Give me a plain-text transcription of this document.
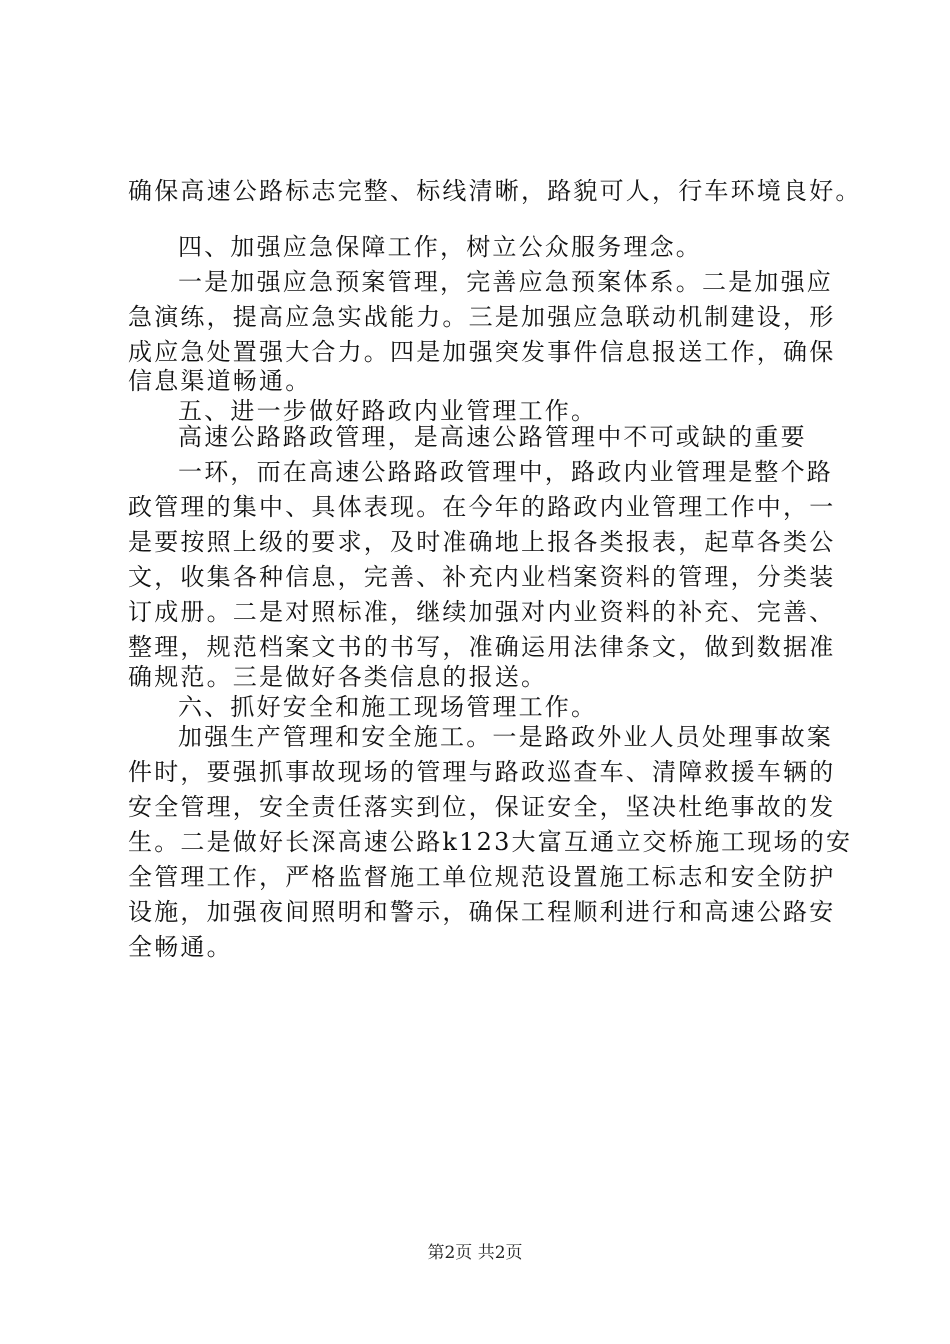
确保高速公路标志完整、标线清晰，路貌可人，行车环境良好。
四、加强应急保障工作，树立公众服务理念。
一是加强应急预案管理，完善应急预案体系。二是加强应
急演练，提高应急实战能力。三是加强应急联动机制建设，形
成应急处置强大合力。四是加强突发事件信息报送工作，确保
信息渠道畅通。
五、进一步做好路政内业管理工作。
高速公路路政管理，是高速公路管理中不可或缺的重要
一环，而在高速公路路政管理中，路政内业管理是整个路
政管理的集中、具体表现。在今年的路政内业管理工作中，一
是要按照上级的要求，及时准确地上报各类报表，起草各类公
文，收集各种信息，完善、补充内业档案资料的管理，分类装
订成册。二是对照标准，继续加强对内业资料的补充、完善、
整理，规范档案文书的书写，准确运用法律条文，做到数据准
确规范。三是做好各类信息的报送。
六、抓好安全和施工现场管理工作。
加强生产管理和安全施工。一是路政外业人员处理事故案
件时，要强抓事故现场的管理与路政巡查车、清障救援车辆的
安全管理，安全责任落实到位，保证安全，坚决杜绝事故的发
生。二是做好长深高速公路k123大富互通立交桥施工现场的安
全管理工作，严格监督施工单位规范设置施工标志和安全防护
设施，加强夜间照明和警示，确保工程顺利进行和高速公路安
全畅通。
第2页 共2页
